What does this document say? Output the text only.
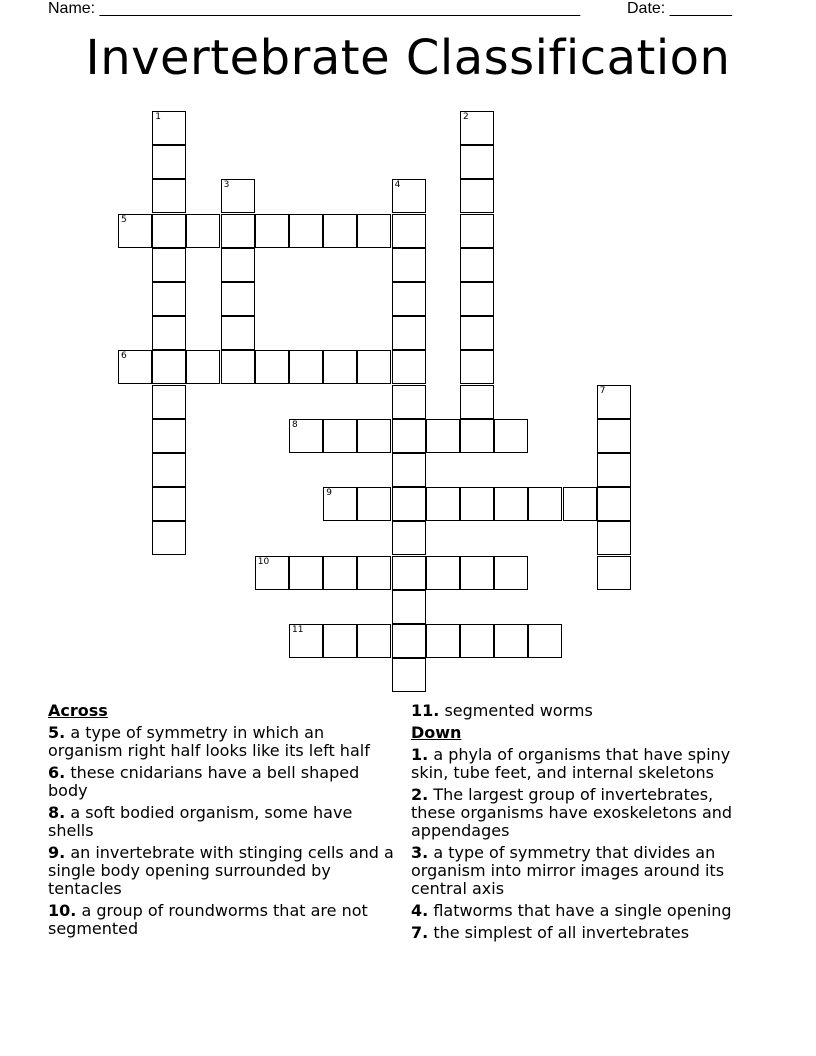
Name: ______________________________________________________	Date: _______
Invertebrate Classification
1	2
3	4
5
6
7
8
9
10
11
Across
5. a type of symmetry in which an organism right half looks like its left half
6. these cnidarians have a bell shaped body
8. a soft bodied organism, some have shells
9. an invertebrate with stinging cells and a single body opening surrounded by tentacles
10. a group of roundworms that are not segmented
11. segmented worms
Down
1. a phyla of organisms that have spiny skin, tube feet, and internal skeletons
2. The largest group of invertebrates, these organisms have exoskeletons and appendages
3. a type of symmetry that divides an organism into mirror images around its central axis
4. flatworms that have a single opening
7. the simplest of all invertebrates
